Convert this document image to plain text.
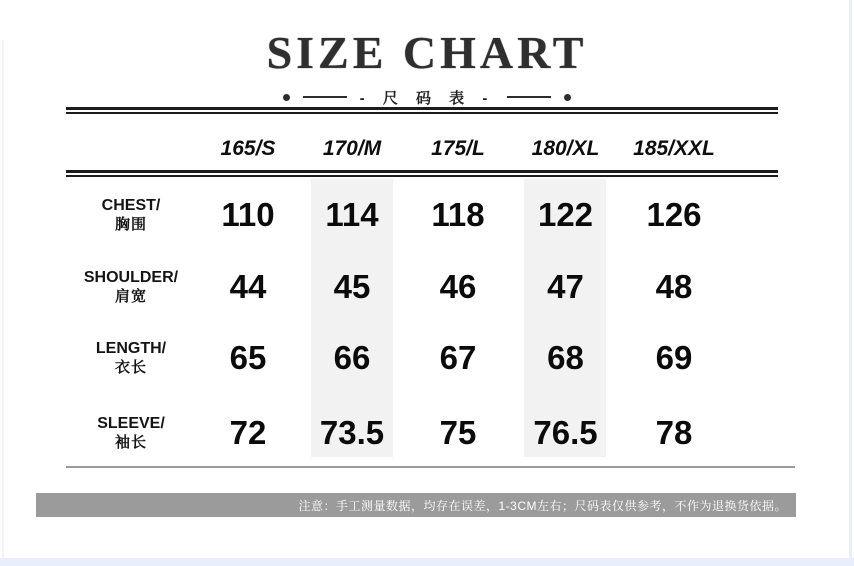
SIZE CHART
- 尺 码 表 -
165/S	170/M	175/L	180/XL	185/XXL
CHEST/
胸围	110	114	118	122	126
SHOULDER/
肩宽	44	45	46	47	48
LENGTH/
衣长	65	66	67	68	69
SLEEVE/
袖长	72	73.5	75	76.5	78
注意：手工测量数据，均存在误差，1-3CM左右；尺码表仅供参考，不作为退换货依据。
